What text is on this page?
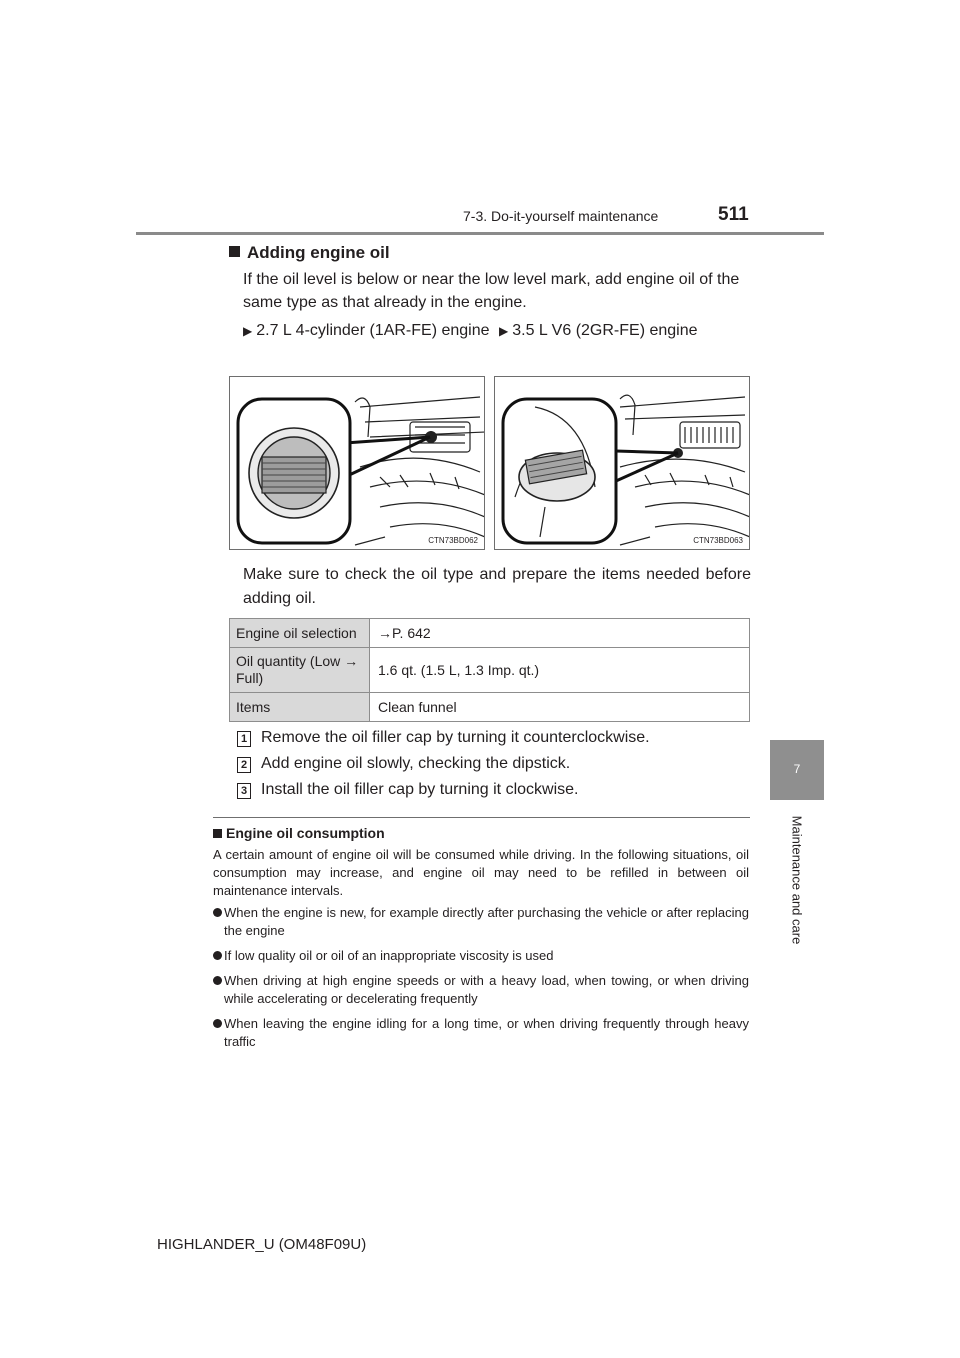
7-3. Do-it-yourself maintenance	511
7
Maintenance and care
Adding engine oil

If the oil level is below or near the low level mark, add engine oil of the same type as that already in the engine.

▶ 2.7 L 4-cylinder (1AR-FE) engine ▶ 3.5 L V6 (2GR-FE) engine
CTN73BD062	CTN73BD063

Make sure to check the oil type and prepare the items needed before adding oil.

Engine oil selection	→P. 642
Oil quantity (Low → Full)	1.6 qt. (1.5 L, 1.3 Imp. qt.)
Items	Clean funnel
1 Remove the oil filler cap by turning it counterclockwise.
2 Add engine oil slowly, checking the dipstick.
3 Install the oil filler cap by turning it clockwise.
Engine oil consumption

A certain amount of engine oil will be consumed while driving. In the following situations, oil consumption may increase, and engine oil may need to be refilled in between oil maintenance intervals.

When the engine is new, for example directly after purchasing the vehicle or after replacing the engine
If low quality oil or oil of an inappropriate viscosity is used
When driving at high engine speeds or with a heavy load, when towing, or when driving while accelerating or decelerating frequently
When leaving the engine idling for a long time, or when driving frequently through heavy traffic
HIGHLANDER_U (OM48F09U)
